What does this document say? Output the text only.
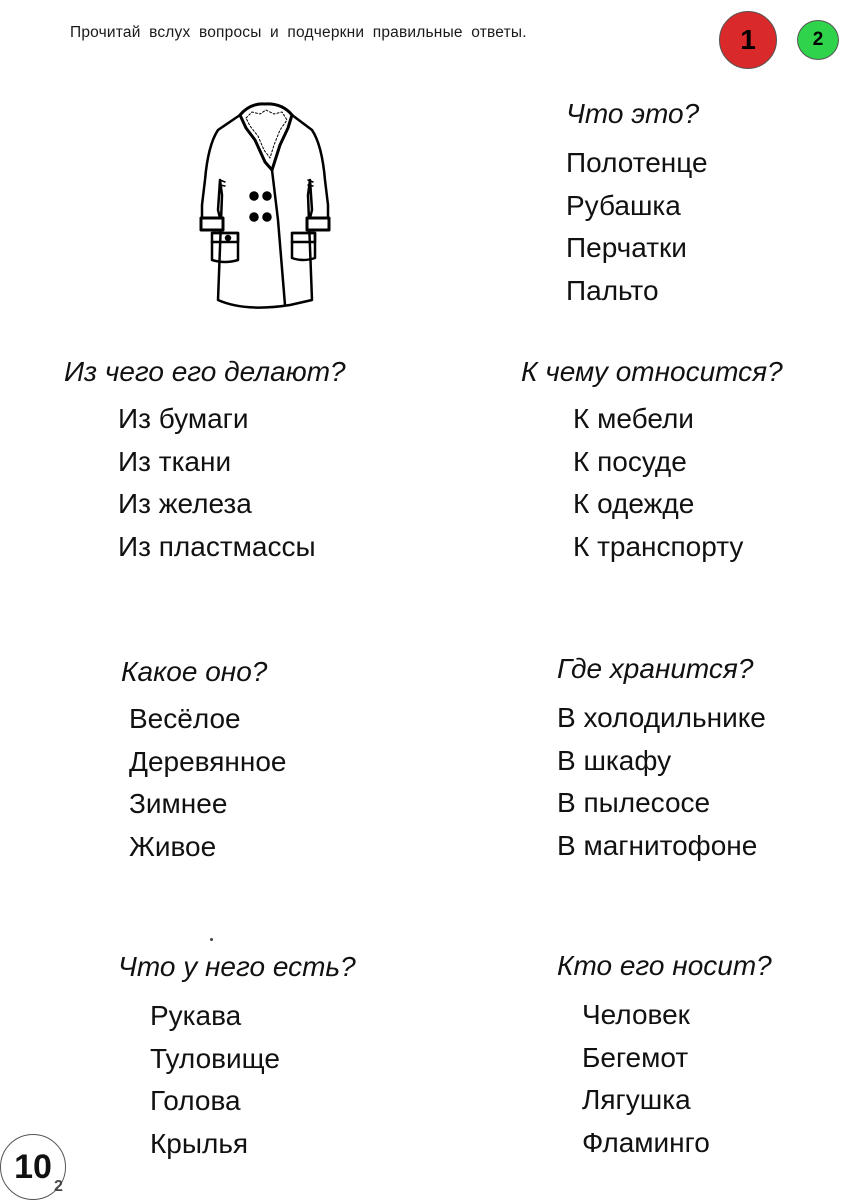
Прочитай вслух вопросы и подчеркни правильные ответы.	1	2
Что это?
Полотенце
Рубашка
Перчатки
Пальто
Из чего его делают?
Из бумаги
Из ткани
Из железа
Из пластмассы
К чему относится?
К мебели
К посуде
К одежде
К транспорту
Какое оно?
Весёлое
Деревянное
Зимнее
Живое
Где хранится?
В холодильнике
В шкафу
В пылесосе
В магнитофоне
Что у него есть?
Рукава
Туловище
Голова
Крылья
Кто его носит?
Человек
Бегемот
Лягушка
Фламинго
10
2
